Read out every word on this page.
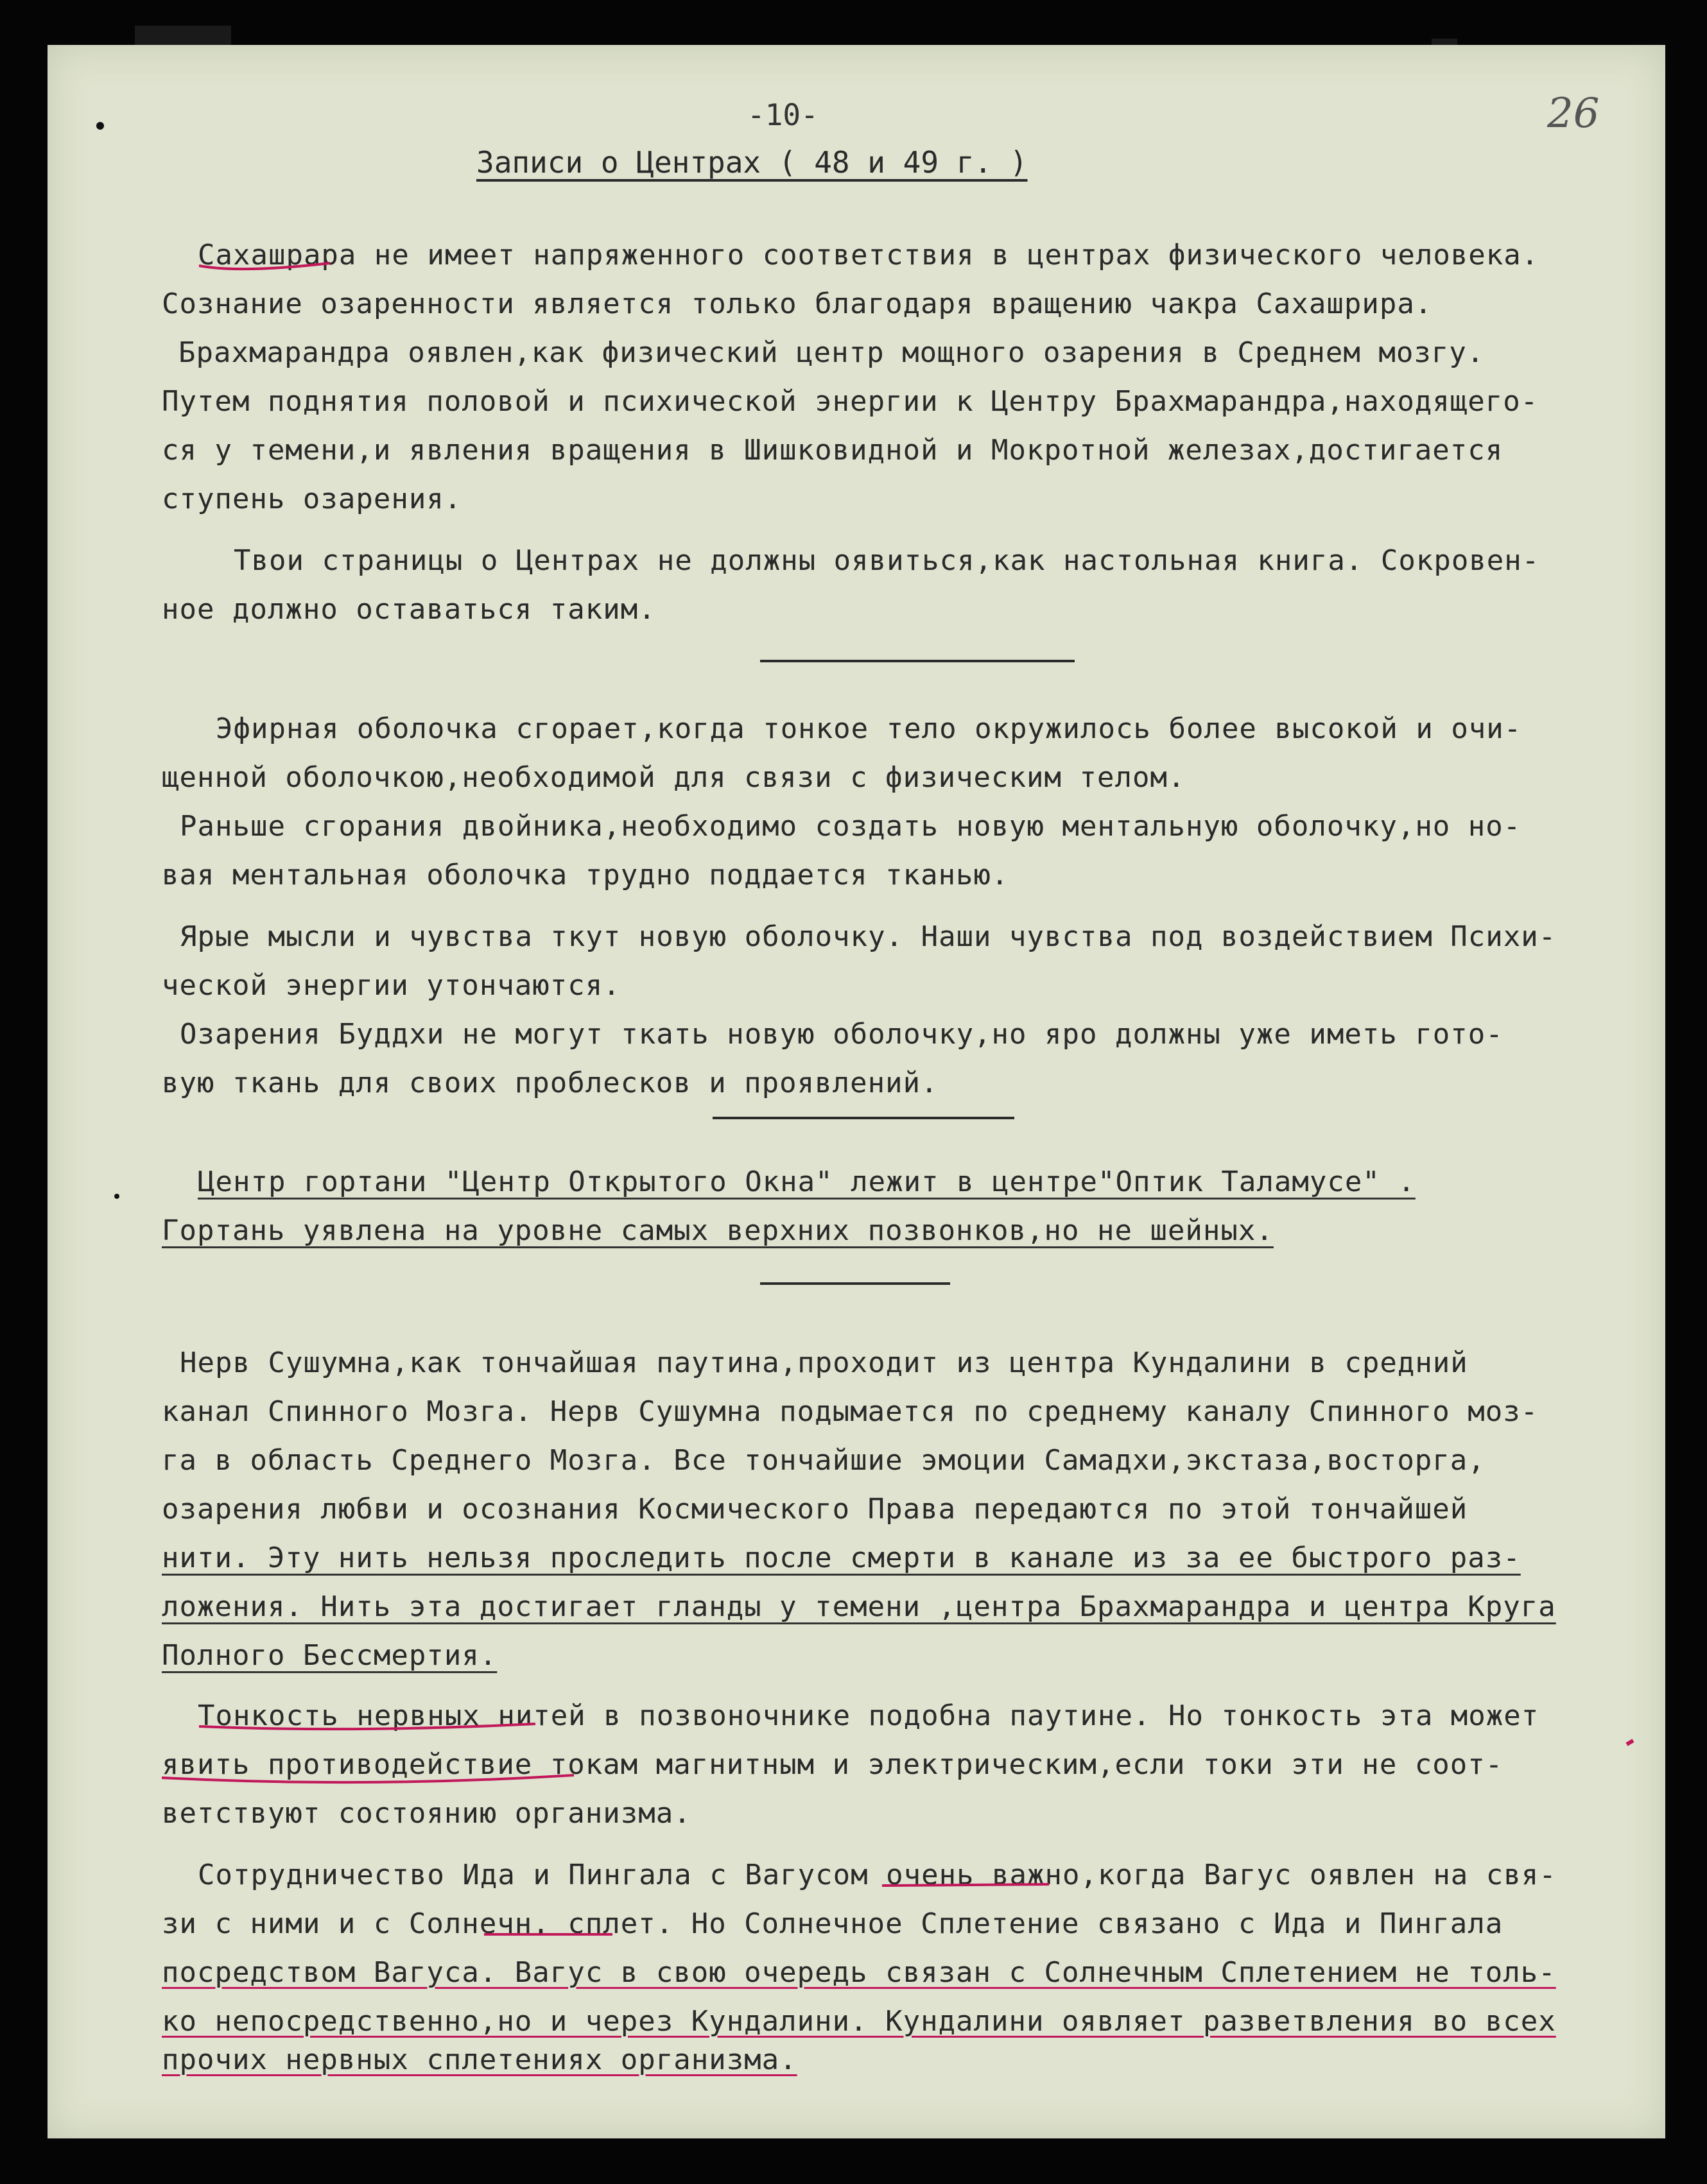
-10-	26
Записи о Центрах ( 48 и 49 г. )
Сахашрара не имеет напряженного соответствия в центрах физического человека.
Сознание озаренности является только благодаря вращению чакра Сахашрира.
Брахмарандра оявлен,как физический центр мощного озарения в Среднем мозгу.
Путем поднятия половой и психической энергии к Центру Брахмарандра,находящего-
ся у темени,и явления вращения в Шишковидной и Мокротной железах,достигается
ступень озарения.
Твои страницы о Центрах не должны оявиться,как настольная книга. Сокровен-
ное должно оставаться таким.
Эфирная оболочка сгорает,когда тонкое тело окружилось более высокой и очи-
щенной оболочкою,необходимой для связи с физическим телом.
Раньше сгорания двойника,необходимо создать новую ментальную оболочку,но но-
вая ментальная оболочка трудно поддается тканью.
Ярые мысли и чувства ткут новую оболочку. Наши чувства под воздействием Психи-
ческой энергии утончаются.
Озарения Буддхи не могут ткать новую оболочку,но яро должны уже иметь гото-
вую ткань для своих проблесков и проявлений.
Центр гортани "Центр Открытого Окна" лежит в центре"Оптик Таламусе" .
Гортань уявлена на уровне самых верхних позвонков,но не шейных.
Нерв Сушумна,как тончайшая паутина,проходит из центра Кундалини в средний
канал Спинного Мозга. Нерв Сушумна подымается по среднему каналу Спинного моз-
га в область Среднего Мозга. Все тончайшие эмоции Самадхи,экстаза,восторга,
озарения любви и осознания Космического Права передаются по этой тончайшей
нити. Эту нить нельзя проследить после смерти в канале из за ее быстрого раз-
ложения. Нить эта достигает гланды у темени ,центра Брахмарандра и центра Круга
Полного Бессмертия.
Тонкость нервных нитей в позвоночнике подобна паутине. Но тонкость эта может
явить противодействие токам магнитным и электрическим,если токи эти не соот-
ветствуют состоянию организма.
Сотрудничество Ида и Пингала с Вагусом очень важно,когда Вагус оявлен на свя-
зи с ними и с Солнечн. сплет. Но Солнечное Сплетение связано с Ида и Пингала
посредством Вагуса. Вагус в свою очередь связан с Солнечным Сплетением не толь-
ко непосредственно,но и через Кундалини. Кундалини оявляет разветвления во всех
прочих нервных сплетениях организма.
